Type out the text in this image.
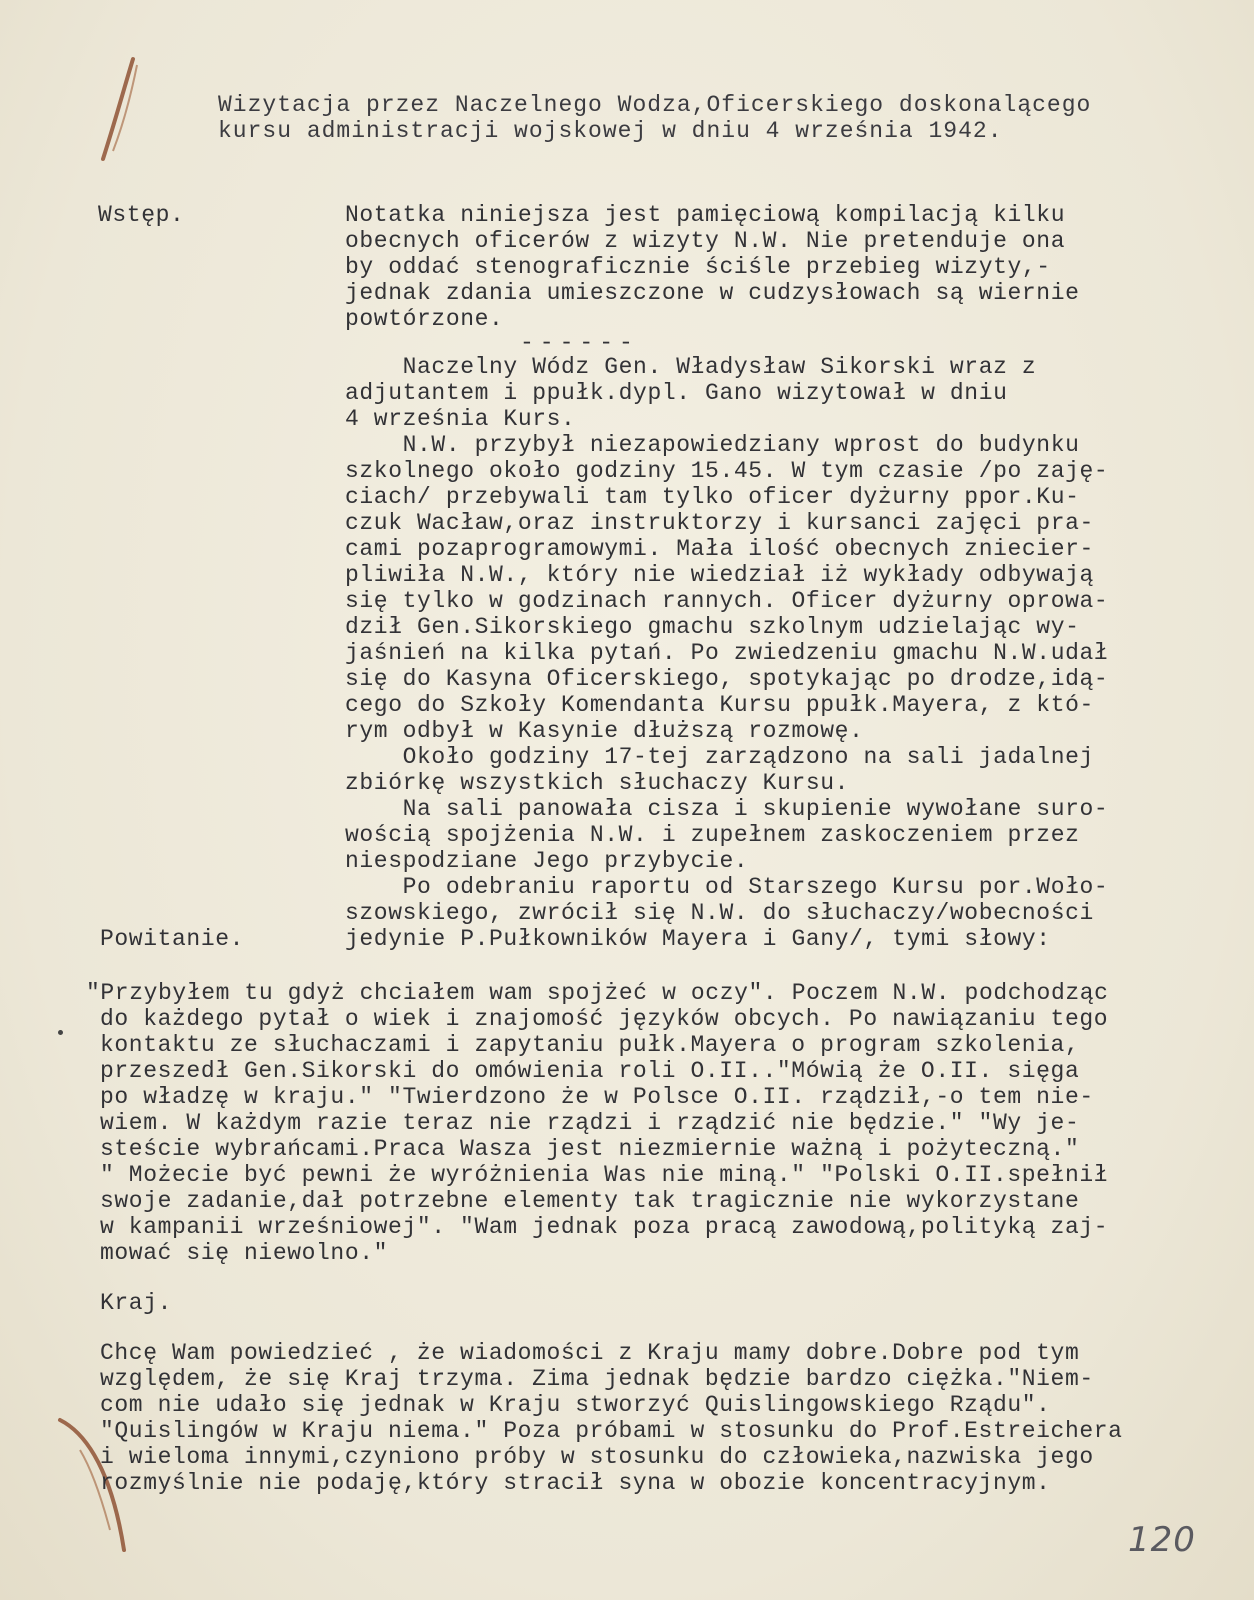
Wizytacja przez Naczelnego Wodza,Oficerskiego doskonalącego
kursu administracji wojskowej w dniu 4 września 1942.
Wstęp.	Notatka niniejsza jest pamięciową kompilacją kilku
obecnych oficerów z wizyty N.W. Nie pretenduje ona
by oddać stenograficznie ściśle przebieg wizyty,-
jednak zdania umieszczone w cudzysłowach są wiernie
powtórzone.
------
Naczelny Wódz Gen. Władysław Sikorski wraz z
adjutantem i ppułk.dypl. Gano wizytował w dniu
4 września Kurs.
N.W. przybył niezapowiedziany wprost do budynku
szkolnego około godziny 15.45. W tym czasie /po zaję-
ciach/ przebywali tam tylko oficer dyżurny ppor.Ku-
czuk Wacław,oraz instruktorzy i kursanci zajęci pra-
cami pozaprogramowymi. Mała ilość obecnych zniecier-
pliwiła N.W., który nie wiedział iż wykłady odbywają
się tylko w godzinach rannych. Oficer dyżurny oprowa-
dził Gen.Sikorskiego gmachu szkolnym udzielając wy-
jaśnień na kilka pytań. Po zwiedzeniu gmachu N.W.udał
się do Kasyna Oficerskiego, spotykając po drodze,idą-
cego do Szkoły Komendanta Kursu ppułk.Mayera, z któ-
rym odbył w Kasynie dłuższą rozmowę.
Około godziny 17-tej zarządzono na sali jadalnej
zbiórkę wszystkich słuchaczy Kursu.
Na sali panowała cisza i skupienie wywołane suro-
wością spojżenia N.W. i zupełnem zaskoczeniem przez
niespodziane Jego przybycie.
Po odebraniu raportu od Starszego Kursu por.Woło-
szowskiego, zwrócił się N.W. do słuchaczy/wobecności
jedynie P.Pułkowników Mayera i Gany/, tymi słowy:
Powitanie.
"Przybyłem tu gdyż chciałem wam spojżeć w oczy". Poczem N.W. podchodząc
do każdego pytał o wiek i znajomość języków obcych. Po nawiązaniu tego
kontaktu ze słuchaczami i zapytaniu pułk.Mayera o program szkolenia,
przeszedł Gen.Sikorski do omówienia roli O.II.."Mówią że O.II. sięga
po władzę w kraju." "Twierdzono że w Polsce O.II. rządził,-o tem nie-
wiem. W każdym razie teraz nie rządzi i rządzić nie będzie." "Wy je-
steście wybrańcami.Praca Wasza jest niezmiernie ważną i pożyteczną."
" Możecie być pewni że wyróżnienia Was nie miną." "Polski O.II.spełnił
swoje zadanie,dał potrzebne elementy tak tragicznie nie wykorzystane
w kampanii wrześniowej". "Wam jednak poza pracą zawodową,polityką zaj-
mować się niewolno."
Kraj.
Chcę Wam powiedzieć , że wiadomości z Kraju mamy dobre.Dobre pod tym
względem, że się Kraj trzyma. Zima jednak będzie bardzo ciężka."Niem-
com nie udało się jednak w Kraju stworzyć Quislingowskiego Rządu".
"Quislingów w Kraju niema." Poza próbami w stosunku do Prof.Estreichera
i wieloma innymi,czyniono próby w stosunku do człowieka,nazwiska jego
rozmyślnie nie podaję,który stracił syna w obozie koncentracyjnym.
120
